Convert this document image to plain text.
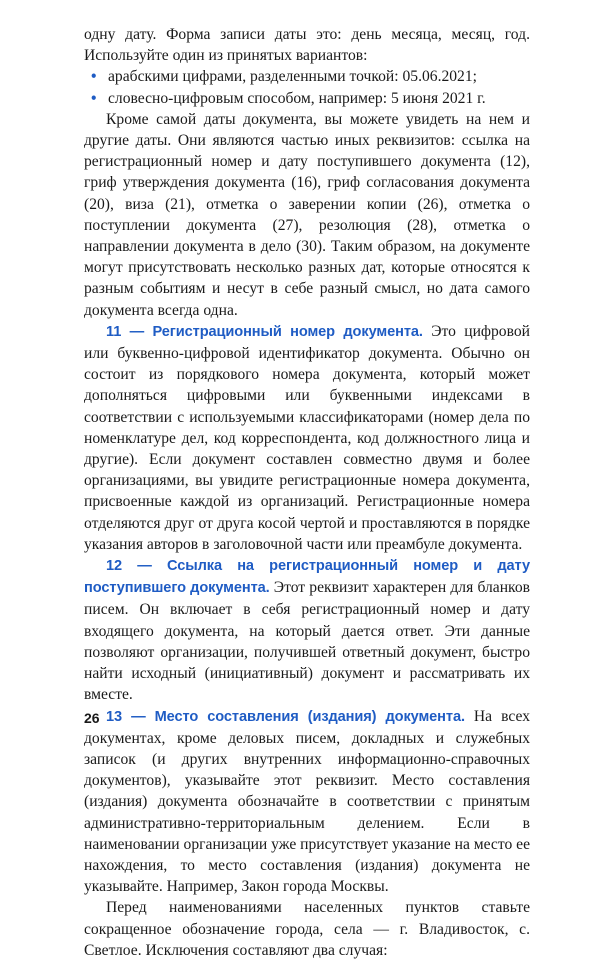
одну дату. Форма записи даты это: день месяца, месяц, год. Используйте один из принятых вариантов:

• арабскими цифрами, разделенными точкой: 05.06.2021;
• словесно-цифровым способом, например: 5 июня 2021 г.

Кроме самой даты документа, вы можете увидеть на нем и другие даты. Они являются частью иных реквизитов: ссылка на регистрационный номер и дату поступившего документа (12), гриф утверждения документа (16), гриф согласования документа (20), виза (21), отметка о заверении копии (26), отметка о поступлении документа (27), резолюция (28), отметка о направлении документа в дело (30). Таким образом, на документе могут присутствовать несколько разных дат, которые относятся к разным событиям и несут в себе разный смысл, но дата самого документа всегда одна.

11 — Регистрационный номер документа. Это цифровой или буквенно-цифровой идентификатор документа. Обычно он состоит из порядкового номера документа, который может дополняться цифровыми или буквенными индексами в соответствии с используемыми классификаторами (номер дела по номенклатуре дел, код корреспондента, код должностного лица и другие). Если документ составлен совместно двумя и более организациями, вы увидите регистрационные номера документа, присвоенные каждой из организаций. Регистрационные номера отделяются друг от друга косой чертой и проставляются в порядке указания авторов в заголовочной части или преамбуле документа.

12 — Ссылка на регистрационный номер и дату поступившего документа. Этот реквизит характерен для бланков писем. Он включает в себя регистрационный номер и дату входящего документа, на который дается ответ. Эти данные позволяют организации, получившей ответный документ, быстро найти исходный (инициативный) документ и рассматривать их вместе.

13 — Место составления (издания) документа. На всех документах, кроме деловых писем, докладных и служебных записок (и других внутренних информационно-справочных документов), указывайте этот реквизит. Место составления (издания) документа обозначайте в соответствии с принятым административно-территориальным делением. Если в наименовании организации уже присутствует указание на место ее нахождения, то место составления (издания) документа не указывайте. Например, Закон города Москвы.

Перед наименованиями населенных пунктов ставьте сокращенное обозначение города, села — г. Владивосток, с. Светлое. Исключения составляют два случая:

26
